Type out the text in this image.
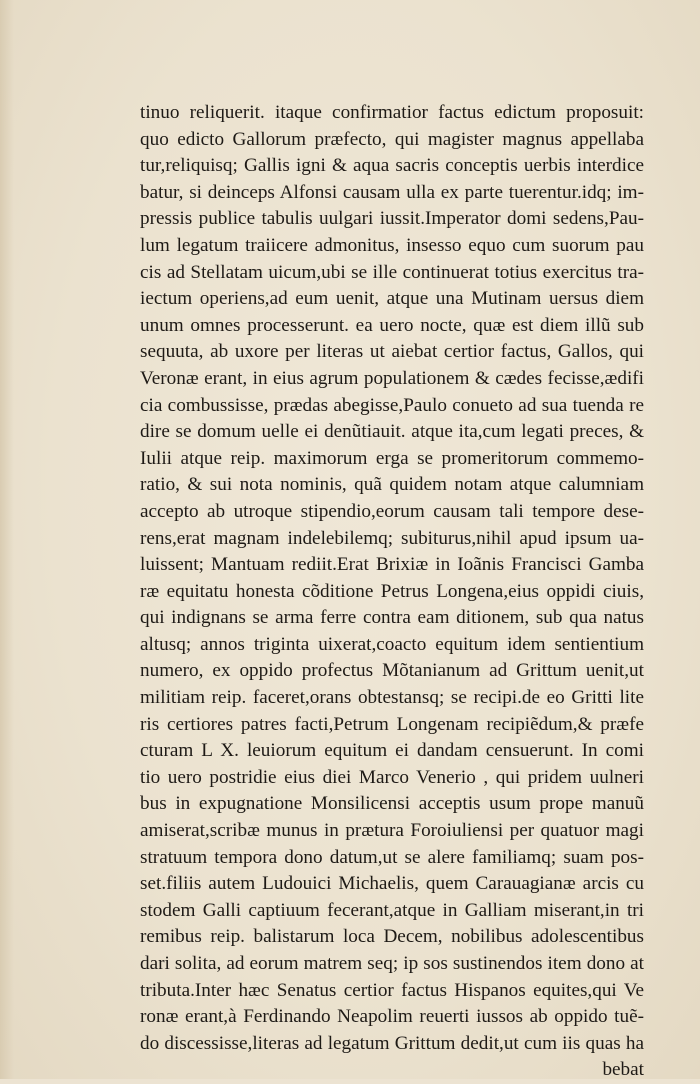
tinuo reliquerit. itaque confirmatior factus edictum proposuit:
quo edicto Gallorum præfecto, qui magister magnus appellaba
tur,reliquisq; Gallis igni & aqua sacris conceptis uerbis interdice
batur, si deinceps Alfonsi causam ulla ex parte tuerentur.idq; im-
pressis publice tabulis uulgari iussit.Imperator domi sedens,Pau-
lum legatum traiicere admonitus, insesso equo cum suorum pau
cis ad Stellatam uicum,ubi se ille continuerat totius exercitus tra-
iectum operiens,ad eum uenit, atque una Mutinam uersus diem
unum omnes processerunt. ea uero nocte, quæ est diem illũ sub
sequuta, ab uxore per literas ut aiebat certior factus, Gallos, qui
Veronæ erant, in eius agrum populationem & cædes fecisse,ædifi
cia combussisse, prædas abegisse,Paulo conueto ad sua tuenda re
dire se domum uelle ei denũtiauit. atque ita,cum legati preces, &
Iulii atque reip. maximorum erga se promeritorum commemo-
ratio, & sui nota nominis, quã quidem notam atque calumniam
accepto ab utroque stipendio,eorum causam tali tempore dese-
rens,erat magnam indelebilemq; subiturus,nihil apud ipsum ua-
luissent; Mantuam rediit.Erat Brixiæ in Ioãnis Francisci Gamba
ræ equitatu honesta cõditione Petrus Longena,eius oppidi ciuis,
qui indignans se arma ferre contra eam ditionem, sub qua natus
altusq; annos triginta uixerat,coacto equitum idem sentientium
numero, ex oppido profectus Mõtanianum ad Grittum uenit,ut
militiam reip. faceret,orans obtestansq; se recipi.de eo Gritti lite
ris certiores patres facti,Petrum Longenam recipiẽdum,& præfe
cturam L X. leuiorum equitum ei dandam censuerunt. In comi
tio uero postridie eius diei Marco Venerio , qui pridem uulneri
bus in expugnatione Monsilicensi acceptis usum prope manuũ
amiserat,scribæ munus in prætura Foroiuliensi per quatuor magi
stratuum tempora dono datum,ut se alere familiamq; suam pos-
set.filiis autem Ludouici Michaelis, quem Carauagianæ arcis cu
stodem Galli captiuum fecerant,atque in Galliam miserant,in tri
remibus reip. balistarum loca Decem, nobilibus adolescentibus
dari solita, ad eorum matrem seq; ip sos sustinendos item dono at
tributa.Inter hæc Senatus certior factus Hispanos equites,qui Ve
ronæ erant,à Ferdinando Neapolim reuerti iussos ab oppido tuẽ-
do discessisse,literas ad legatum Grittum dedit,ut cum iis quas ha
bebat
